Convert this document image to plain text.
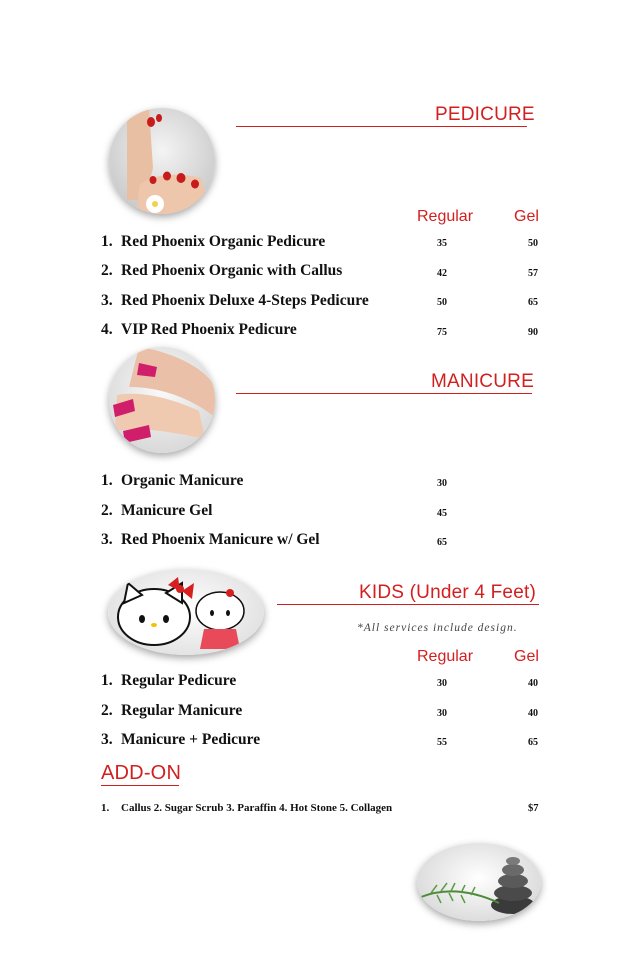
PEDICURE
Regular	Gel
1. Red Phoenix Organic Pedicure	35	50
2. Red Phoenix Organic with Callus	42	57
3. Red Phoenix Deluxe 4-Steps Pedicure	50	65
4. VIP Red Phoenix Pedicure	75	90
MANICURE
1. Organic Manicure	30
2. Manicure Gel	45
3. Red Phoenix Manicure w/ Gel	65
KIDS (Under 4 Feet)
*All services include design.
Regular	Gel
1. Regular Pedicure	30	40
2. Regular Manicure	30	40
3. Manicure + Pedicure	55	65
ADD-ON
1. Callus 2. Sugar Scrub 3. Paraffin 4. Hot Stone 5. Collagen	$7
